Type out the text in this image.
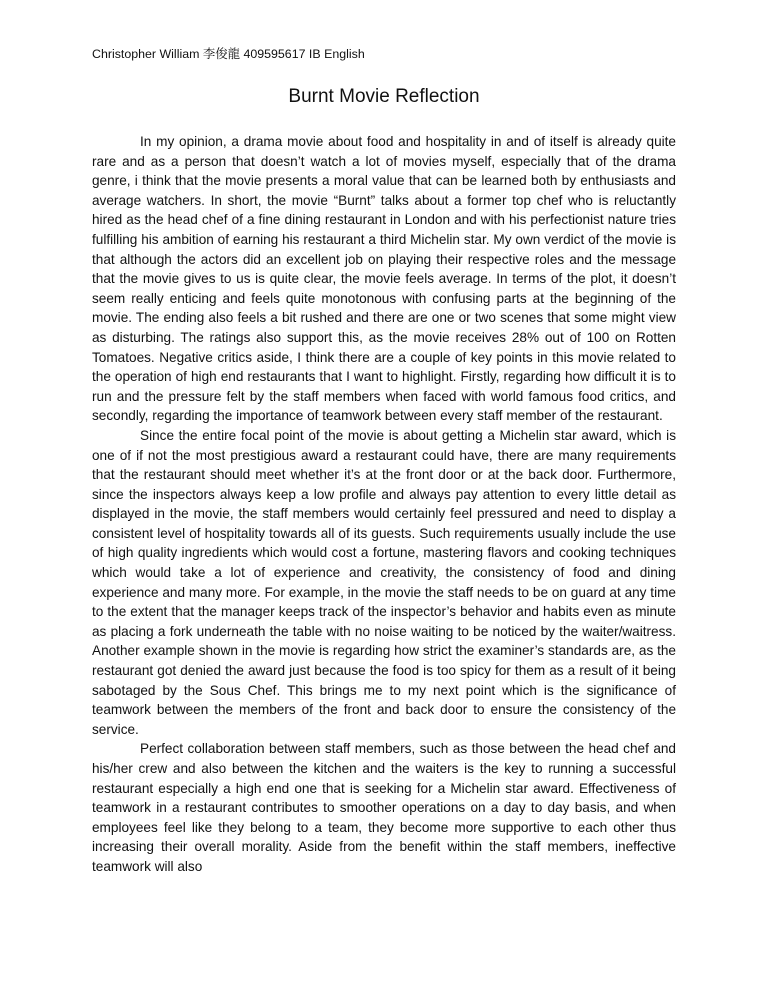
Christopher William 李俊龍 409595617 IB English
Burnt Movie Reflection

In my opinion, a drama movie about food and hospitality in and of itself is already quite rare and as a person that doesn’t watch a lot of movies myself, especially that of the drama genre, i think that the movie presents a moral value that can be learned both by enthusiasts and average watchers. In short, the movie “Burnt” talks about a former top chef who is reluctantly hired as the head chef of a fine dining restaurant in London and with his perfectionist nature tries fulfilling his ambition of earning his restaurant a third Michelin star. My own verdict of the movie is that although the actors did an excellent job on playing their respective roles and the message that the movie gives to us is quite clear, the movie feels average. In terms of the plot, it doesn’t seem really enticing and feels quite monotonous with confusing parts at the beginning of the movie. The ending also feels a bit rushed and there are one or two scenes that some might view as disturbing. The ratings also support this, as the movie receives 28% out of 100 on Rotten Tomatoes. Negative critics aside, I think there are a couple of key points in this movie related to the operation of high end restaurants that I want to highlight. Firstly, regarding how difficult it is to run and the pressure felt by the staff members when faced with world famous food critics, and secondly, regarding the importance of teamwork between every staff member of the restaurant.

Since the entire focal point of the movie is about getting a Michelin star award, which is one of if not the most prestigious award a restaurant could have, there are many requirements that the restaurant should meet whether it’s at the front door or at the back door. Furthermore, since the inspectors always keep a low profile and always pay attention to every little detail as displayed in the movie, the staff members would certainly feel pressured and need to display a consistent level of hospitality towards all of its guests. Such requirements usually include the use of high quality ingredients which would cost a fortune, mastering flavors and cooking techniques which would take a lot of experience and creativity, the consistency of food and dining experience and many more. For example, in the movie the staff needs to be on guard at any time to the extent that the manager keeps track of the inspector’s behavior and habits even as minute as placing a fork underneath the table with no noise waiting to be noticed by the waiter/waitress. Another example shown in the movie is regarding how strict the examiner’s standards are, as the restaurant got denied the award just because the food is too spicy for them as a result of it being sabotaged by the Sous Chef. This brings me to my next point which is the significance of teamwork between the members of the front and back door to ensure the consistency of the service.

Perfect collaboration between staff members, such as those between the head chef and his/her crew and also between the kitchen and the waiters is the key to running a successful restaurant especially a high end one that is seeking for a Michelin star award. Effectiveness of teamwork in a restaurant contributes to smoother operations on a day to day basis, and when employees feel like they belong to a team, they become more supportive to each other thus increasing their overall morality. Aside from the benefit within the staff members, ineffective teamwork will also
